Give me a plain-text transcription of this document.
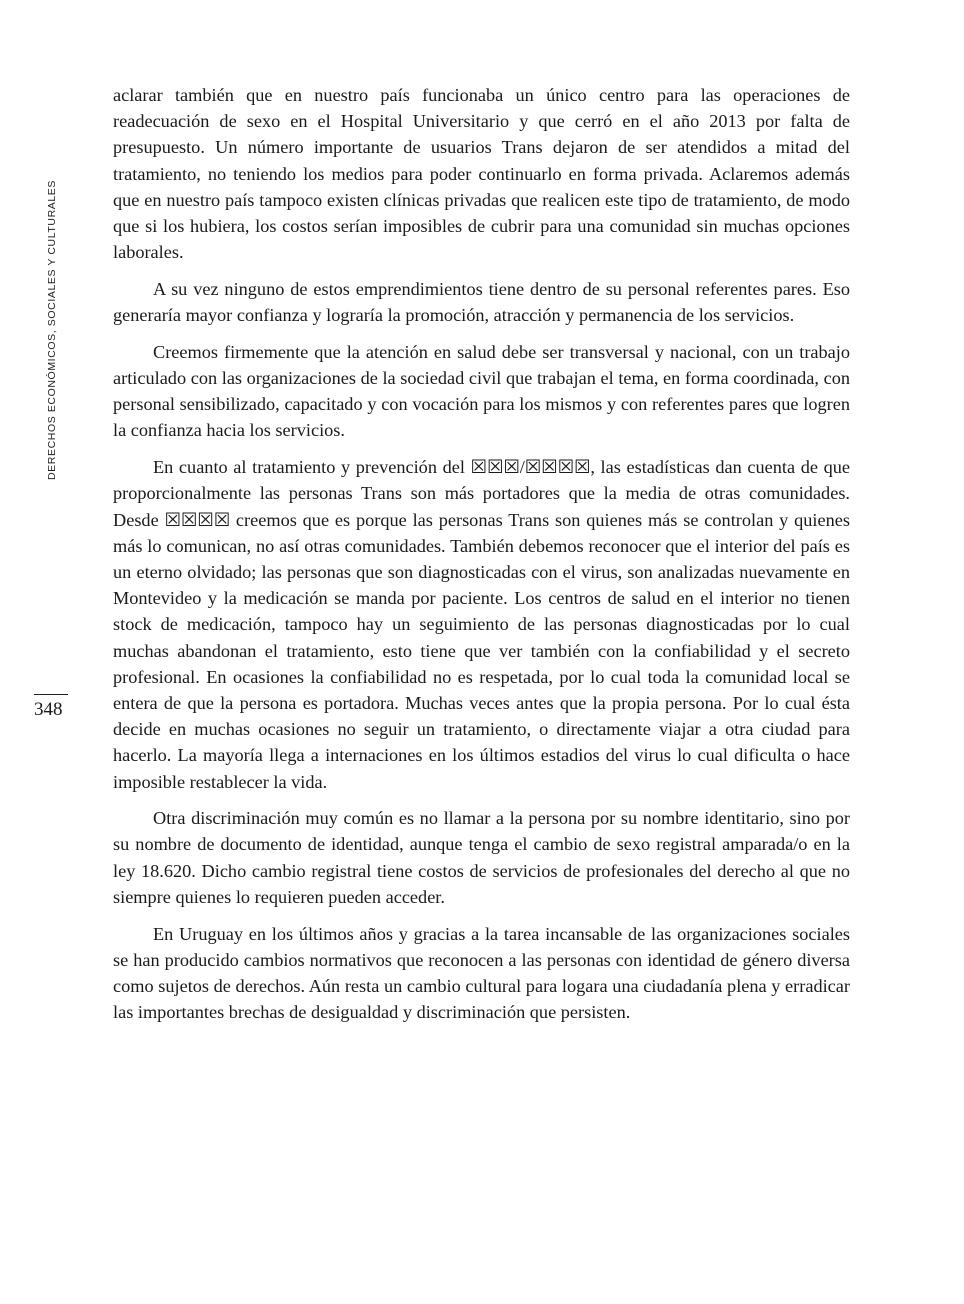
DERECHOS ECONÓMICOS, SOCIALES Y CULTURALES
348

aclarar también que en nuestro país funcionaba un único centro para las operaciones de readecuación de sexo en el Hospital Universitario y que cerró en el año 2013 por falta de presupuesto. Un número importante de usuarios Trans dejaron de ser atendidos a mitad del tratamiento, no teniendo los medios para poder continuarlo en forma privada. Aclaremos además que en nuestro país tampoco existen clínicas privadas que realicen este tipo de tratamiento, de modo que si los hubiera, los costos serían imposibles de cubrir para una comunidad sin muchas opciones laborales.

A su vez ninguno de estos emprendimientos tiene dentro de su personal referentes pares. Eso generaría mayor confianza y lograría la promoción, atracción y permanencia de los servicios.

Creemos firmemente que la atención en salud debe ser transversal y nacional, con un trabajo articulado con las organizaciones de la sociedad civil que trabajan el tema, en forma coordinada, con personal sensibilizado, capacitado y con vocación para los mismos y con referentes pares que logren la confianza hacia los servicios.

En cuanto al tratamiento y prevención del ☒☒☒/☒☒☒☒, las estadísticas dan cuenta de que proporcionalmente las personas Trans son más portadores que la media de otras comunidades. Desde ☒☒☒☒ creemos que es porque las personas Trans son quienes más se controlan y quienes más lo comunican, no así otras comunidades. También debemos reconocer que el interior del país es un eterno olvidado; las personas que son diagnosticadas con el virus, son analizadas nuevamente en Montevideo y la medicación se manda por paciente. Los centros de salud en el interior no tienen stock de medicación, tampoco hay un seguimiento de las personas diagnosticadas por lo cual muchas abandonan el tratamiento, esto tiene que ver también con la confiabilidad y el secreto profesional. En ocasiones la confiabilidad no es respetada, por lo cual toda la comunidad local se entera de que la persona es portadora. Muchas veces antes que la propia persona. Por lo cual ésta decide en muchas ocasiones no seguir un tratamiento, o directamente viajar a otra ciudad para hacerlo. La mayoría llega a internaciones en los últimos estadios del virus lo cual dificulta o hace imposible restablecer la vida.

Otra discriminación muy común es no llamar a la persona por su nombre identitario, sino por su nombre de documento de identidad, aunque tenga el cambio de sexo registral amparada/o en la ley 18.620. Dicho cambio registral tiene costos de servicios de profesionales del derecho al que no siempre quienes lo requieren pueden acceder.

En Uruguay en los últimos años y gracias a la tarea incansable de las organizaciones sociales se han producido cambios normativos que reconocen a las personas con identidad de género diversa como sujetos de derechos. Aún resta un cambio cultural para logara una ciudadanía plena y erradicar las importantes brechas de desigualdad y discriminación que persisten.
